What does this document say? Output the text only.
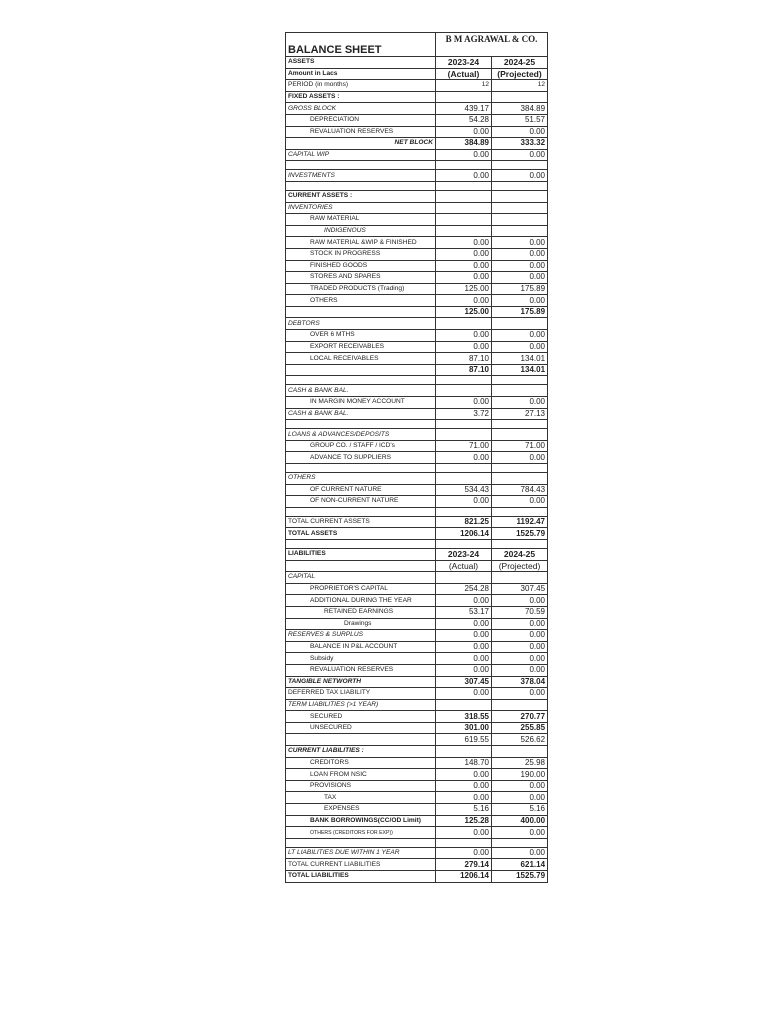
BALANCE SHEET	B M AGRAWAL & CO.	
ASSETS	2023-24	2024-25
Amount in Lacs	(Actual)	(Projected)
PERIOD (in months)	12	12
FIXED ASSETS :		
GROSS BLOCK	439.17	384.89
DEPRECIATION	54.28	51.57
REVALUATION RESERVES	0.00	0.00
NET BLOCK	384.89	333.32
CAPITAL WIP	0.00	0.00

INVESTMENTS	0.00	0.00

CURRENT ASSETS :		
INVENTORIES		
RAW MATERIAL		
INDIGENOUS		
RAW MATERIAL &WIP & FINISHED	0.00	0.00
STOCK IN PROGRESS	0.00	0.00
FINISHED GOODS	0.00	0.00
STORES AND SPARES	0.00	0.00
TRADED PRODUCTS (Trading)	125.00	175.89
OTHERS	0.00	0.00
	125.00	175.89
DEBTORS		
OVER 6 MTHS	0.00	0.00
EXPORT RECEIVABLES	0.00	0.00
LOCAL RECEIVABLES	87.10	134.01
	87.10	134.01

CASH & BANK BAL.		
IN MARGIN MONEY ACCOUNT	0.00	0.00
CASH & BANK BAL.	3.72	27.13

LOANS & ADVANCES/DEPOSITS		
GROUP CO. / STAFF / ICD's	71.00	71.00
ADVANCE TO SUPPLIERS	0.00	0.00

OTHERS		
OF CURRENT NATURE	534.43	784.43
OF NON-CURRENT NATURE	0.00	0.00

TOTAL CURRENT ASSETS	821.25	1192.47
TOTAL ASSETS	1206.14	1525.79

LIABILITIES	2023-24	2024-25
	(Actual)	(Projected)
CAPITAL		
PROPRIETOR'S CAPITAL	254.28	307.45
ADDITIONAL DURING THE YEAR	0.00	0.00
RETAINED EARNINGS	53.17	70.59
Drawings	0.00	0.00
RESERVES & SURPLUS	0.00	0.00
BALANCE IN P&L ACCOUNT	0.00	0.00
Subsidy	0.00	0.00
REVALUATION RESERVES	0.00	0.00
TANGIBLE NETWORTH	307.45	378.04
DEFERRED TAX LIABILITY	0.00	0.00
TERM LIABILITIES (>1 YEAR)		
SECURED	318.55	270.77
UNSECURED	301.00	255.85
	619.55	526.62
CURRENT LIABILITIES :		
CREDITORS	148.70	25.98
LOAN FROM NSIC	0.00	190.00
PROVISIONS	0.00	0.00
TAX	0.00	0.00
EXPENSES	5.16	5.16
BANK BORROWINGS(CC/OD Limit)	125.28	400.00
OTHERS (CREDITORS FOR EXP))	0.00	0.00

LT LIABILITIES DUE WITHIN 1 YEAR	0.00	0.00
TOTAL CURRENT LIABILITIES	279.14	621.14
TOTAL LIABILITIES	1206.14	1525.79
